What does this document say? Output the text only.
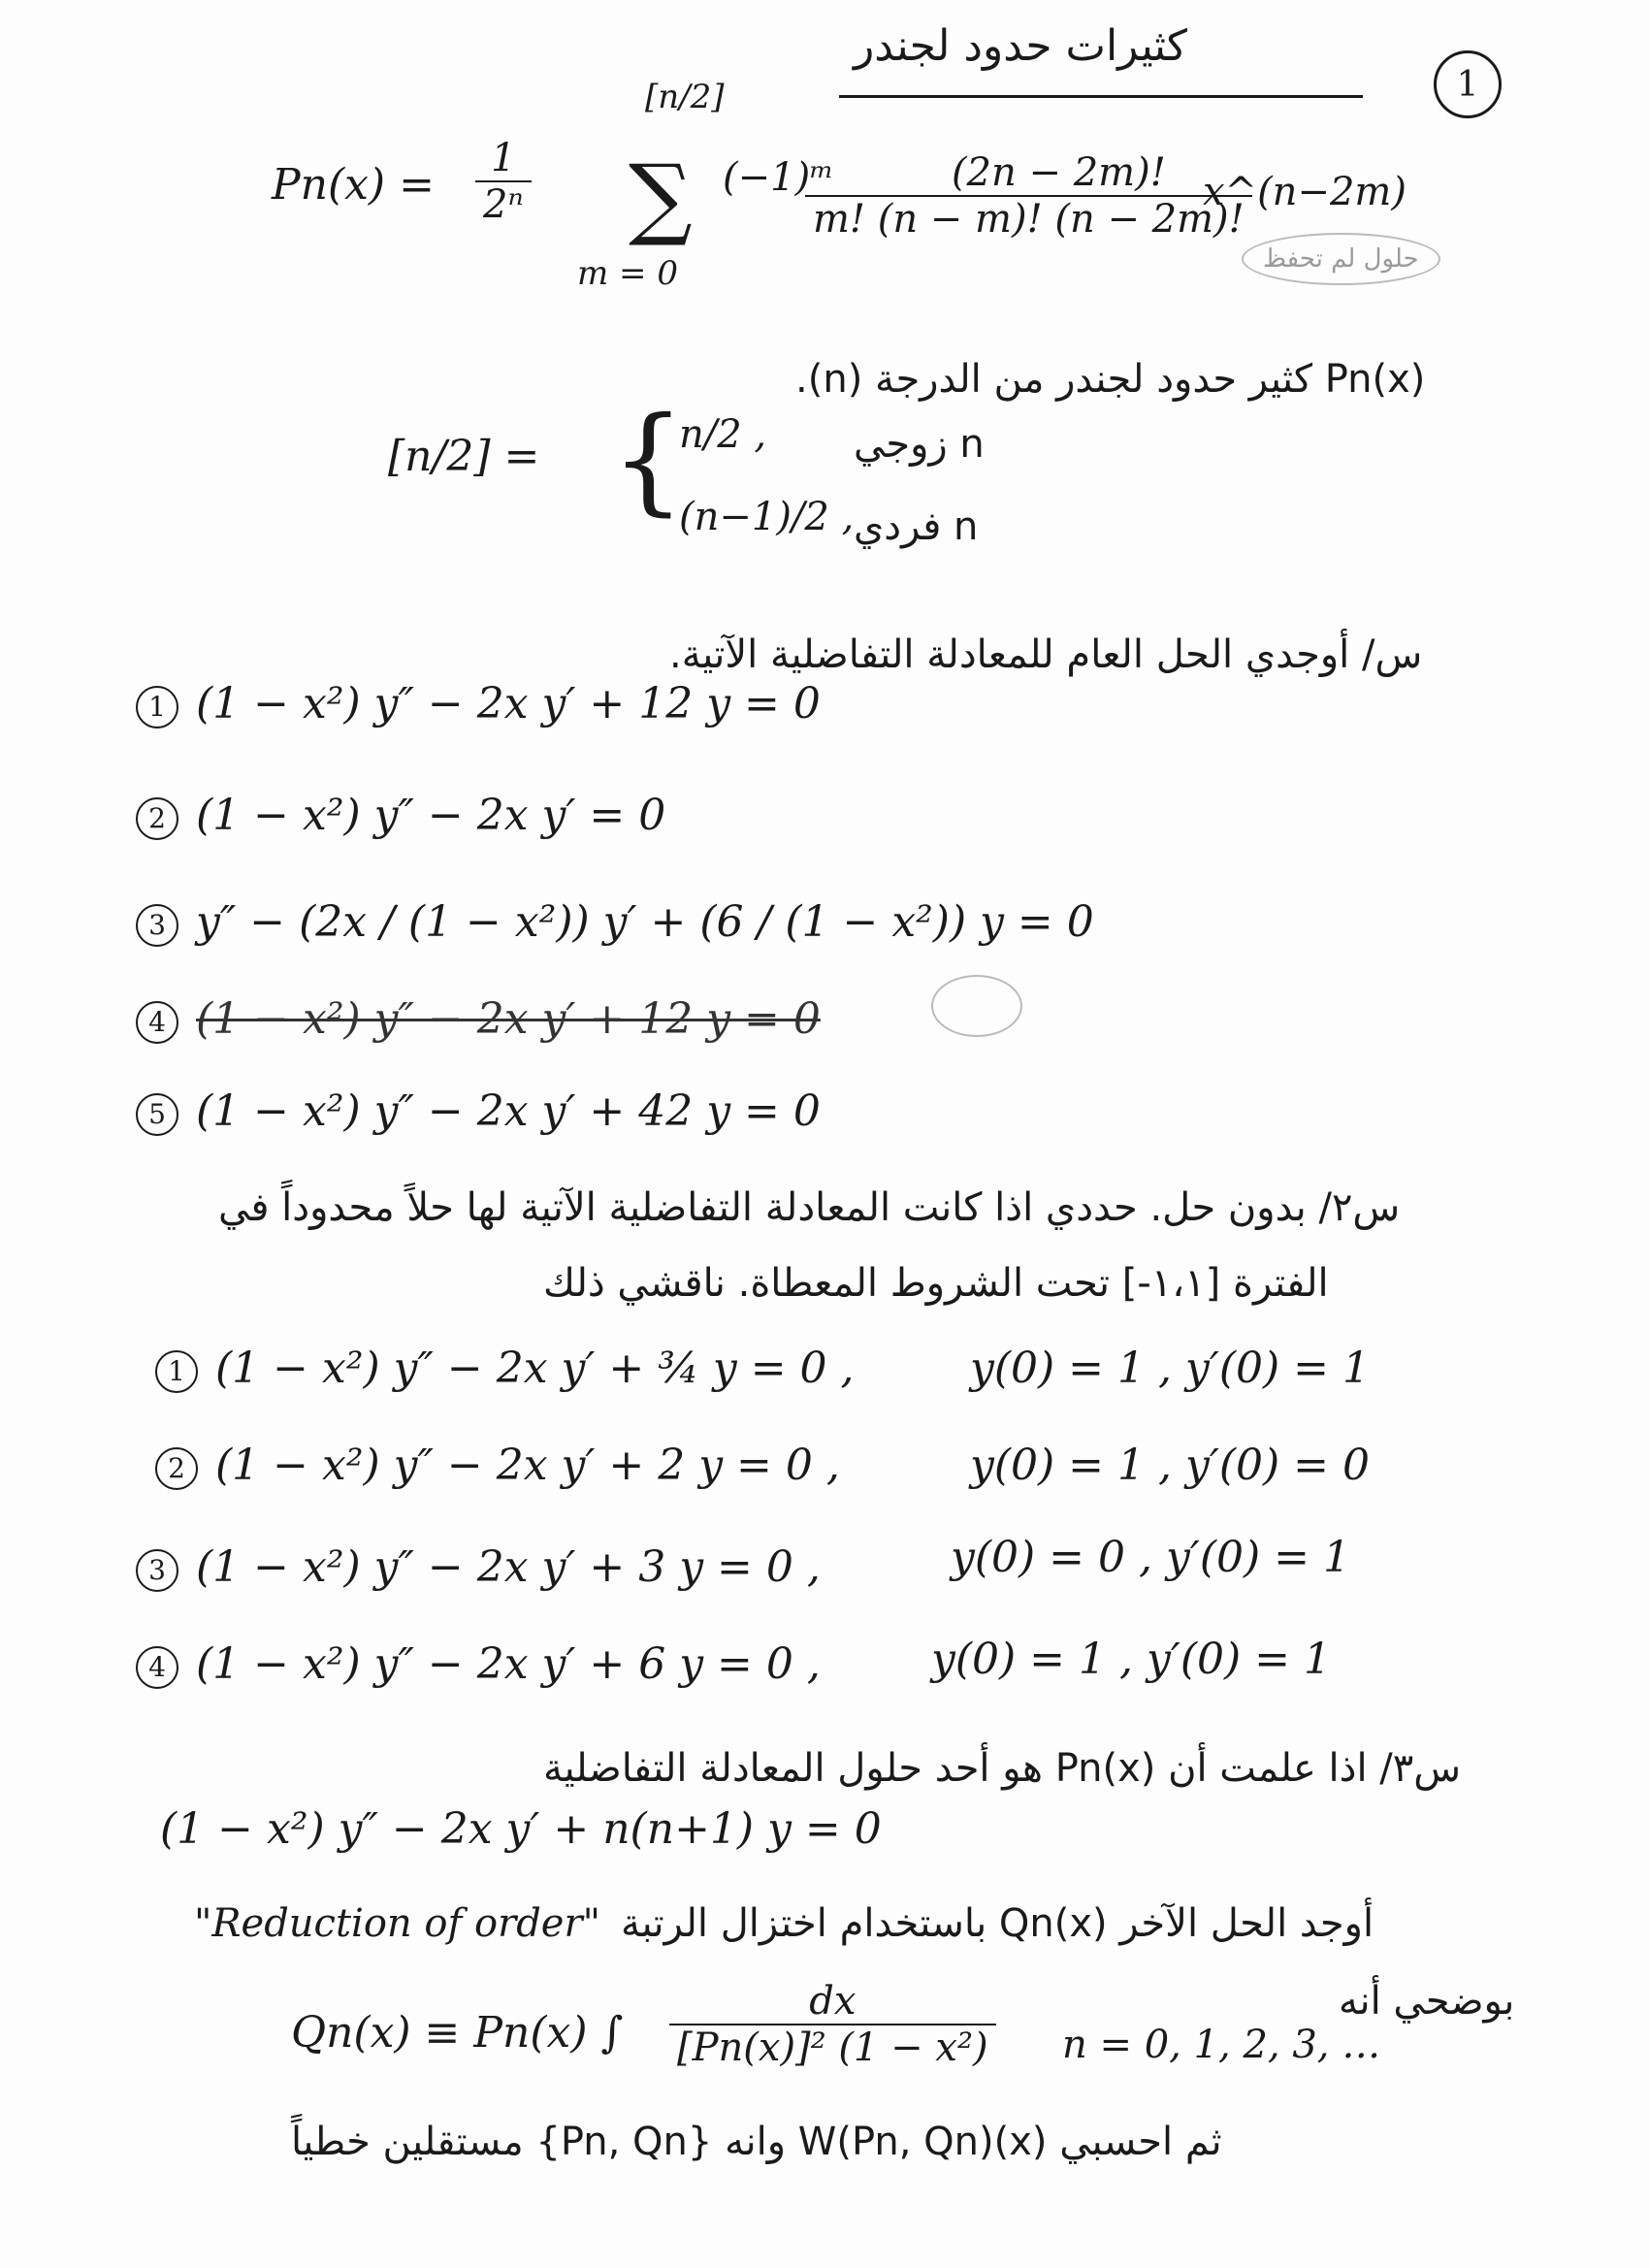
كثيرات حدود لجندر
1
$Pn(x) = \frac{1}{\text{2ⁿ}}$
[n/2]
∑
m = 0
(−1)ᵐ
$\frac{(2n - 2m)!}{m! (n - m)! (n - 2m)!}$
x^(n−2m)
حلول لم تحفظ
Pn(x) كثير حدود لجندر من الدرجة (n).
[n/2] = {
n/2 , n زوجي
(n−1)/2 , n فردي
س/ أوجدي الحل العام للمعادلة التفاضلية الآتية.
1 (1 − x²) y″ − 2x y′ + 12 y = 0
2 (1 − x²) y″ − 2x y′ = 0
3 y″ − (2x / (1 − x²)) y′ + (6 / (1 − x²)) y = 0
4 (1 − x²) y″ − 2x y′ + 12 y = 0
5 (1 − x²) y″ − 2x y′ + 42 y = 0
س٢/ بدون حل. حددي اذا كانت المعادلة التفاضلية الآتية لها حلاً محدوداً في
الفترة [١،١-] تحت الشروط المعطاة. ناقشي ذلك
1 (1 − x²) y″ − 2x y′ + ¾ y = 0 ,	y(0) = 1 , y′(0) = 1
2 (1 − x²) y″ − 2x y′ + 2 y = 0 ,	y(0) = 1 , y′(0) = 0
3 (1 − x²) y″ − 2x y′ + 3 y = 0 ,	y(0) = 0 , y′(0) = 1
4 (1 − x²) y″ − 2x y′ + 6 y = 0 ,	y(0) = 1 , y′(0) = 1
س٣/ اذا علمت أن Pn(x) هو أحد حلول المعادلة التفاضلية
(1 − x²) y″ − 2x y′ + n(n+1) y = 0
"Reduction of order" أوجد الحل الآخر Qn(x) باستخدام اختزال الرتبة
Qn(x) ≡ Pn(x) ∫ $\frac{dx}{\text{[Pn(x)]² (1 − x²)}}$ n = 0, 1, 2, 3, …
بوضحي أنه
ثم احسبي W(Pn, Qn)(x) وانه {Pn, Qn} مستقلين خطياً
